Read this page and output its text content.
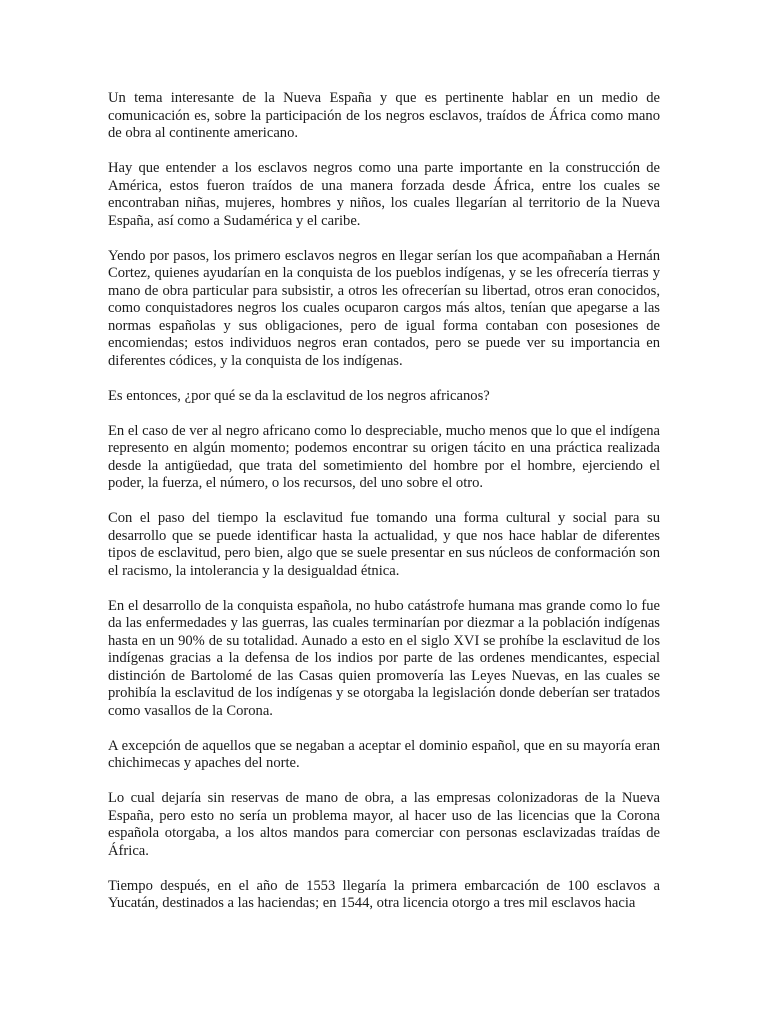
Un tema interesante de la Nueva España y que es pertinente hablar en un medio de comunicación es, sobre la participación de los negros esclavos, traídos de África como mano de obra al continente americano.

Hay que entender a los esclavos negros como una parte importante en la construcción de América, estos fueron traídos de una manera forzada desde África, entre los cuales se encontraban niñas, mujeres, hombres y niños, los cuales llegarían al territorio de la Nueva España, así como a Sudamérica y el caribe.

Yendo por pasos, los primero esclavos negros en llegar serían los que acompañaban a Hernán Cortez, quienes ayudarían en la conquista de los pueblos indígenas, y se les ofrecería tierras y mano de obra particular para subsistir, a otros les ofrecerían su libertad, otros eran conocidos, como conquistadores negros los cuales ocuparon cargos más altos, tenían que apegarse a las normas españolas y sus obligaciones, pero de igual forma contaban con posesiones de encomiendas; estos individuos negros eran contados, pero se puede ver su importancia en diferentes códices, y la conquista de los indígenas.

Es entonces, ¿por qué se da la esclavitud de los negros africanos?

En el caso de ver al negro africano como lo despreciable, mucho menos que lo que el indígena represento en algún momento; podemos encontrar su origen tácito en una práctica realizada desde la antigüedad, que trata del sometimiento del hombre por el hombre, ejerciendo el poder, la fuerza, el número, o los recursos, del uno sobre el otro.

Con el paso del tiempo la esclavitud fue tomando una forma cultural y social para su desarrollo que se puede identificar hasta la actualidad, y que nos hace hablar de diferentes tipos de esclavitud, pero bien, algo que se suele presentar en sus núcleos de conformación son el racismo, la intolerancia y la desigualdad étnica.

En el desarrollo de la conquista española, no hubo catástrofe humana mas grande como lo fue da las enfermedades y las guerras, las cuales terminarían por diezmar a la población indígenas hasta en un 90% de su totalidad. Aunado a esto en el siglo XVI se prohíbe la esclavitud de los indígenas gracias a la defensa de los indios por parte de las ordenes mendicantes, especial distinción de Bartolomé de las Casas quien promovería las Leyes Nuevas, en las cuales se prohibía la esclavitud de los indígenas y se otorgaba la legislación donde deberían ser tratados como vasallos de la Corona.

A excepción de aquellos que se negaban a aceptar el dominio español, que en su mayoría eran chichimecas y apaches del norte.

Lo cual dejaría sin reservas de mano de obra, a las empresas colonizadoras de la Nueva España, pero esto no sería un problema mayor, al hacer uso de las licencias que la Corona española otorgaba, a los altos mandos para comerciar con personas esclavizadas traídas de África.

Tiempo después, en el año de 1553 llegaría la primera embarcación de 100 esclavos a Yucatán, destinados a las haciendas; en 1544, otra licencia otorgo a tres mil esclavos hacia
